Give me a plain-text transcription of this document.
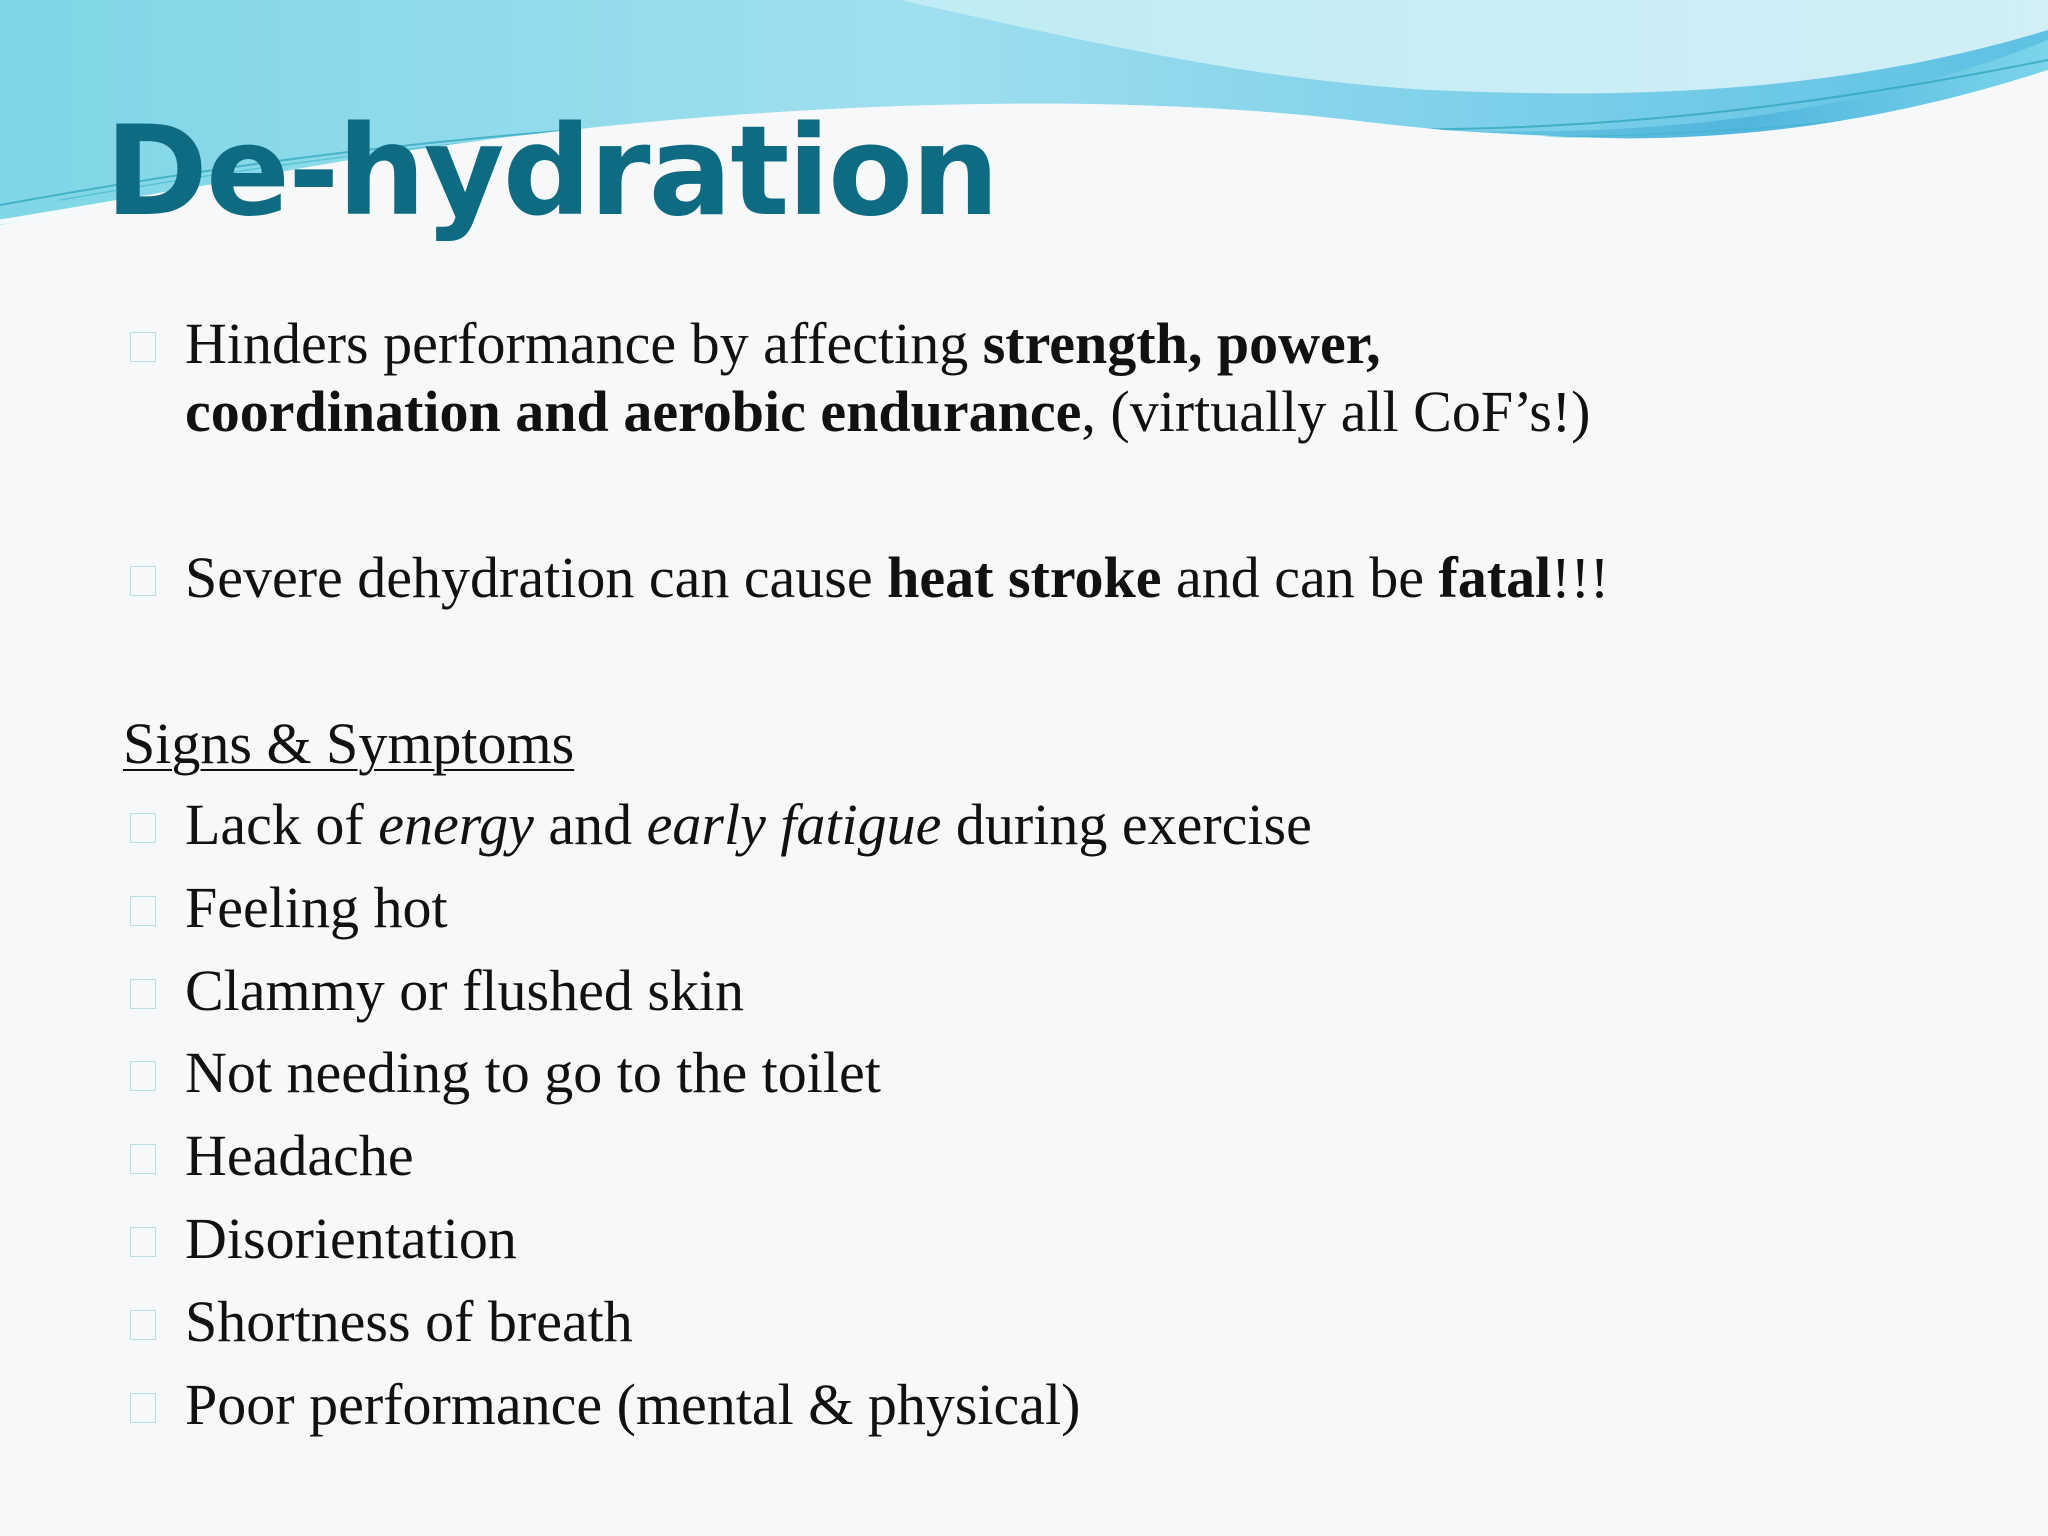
De-hydration
Hinders performance by affecting strength, power,
coordination and aerobic endurance, (virtually all CoF’s!)
Severe dehydration can cause heat stroke and can be fatal!!!
Signs & Symptoms
Lack of energy and early fatigue during exercise
Feeling hot
Clammy or flushed skin
Not needing to go to the toilet
Headache
Disorientation
Shortness of breath
Poor performance (mental & physical)
